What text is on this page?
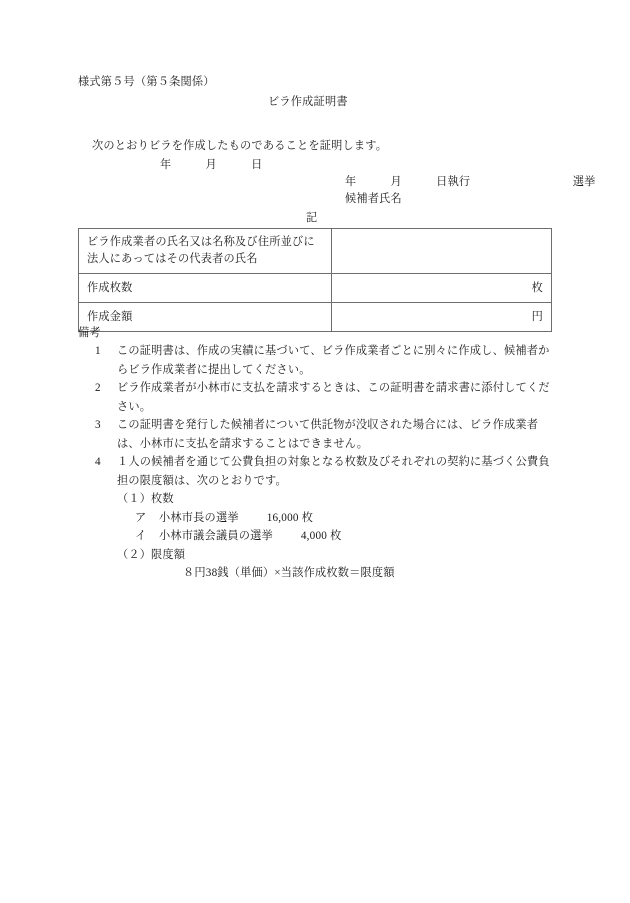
様式第５号（第５条関係）
ビラ作成証明書
次のとおりビラを作成したものであることを証明します。
年　　　月　　　日
年　　　月　　　日執行　　　　　　　　　選挙
候補者氏名
記
ビラ作成業者の氏名又は名称及び住所並びに法人にあってはその代表者の氏名	
作成枚数	枚
作成金額	円
備考
1	この証明書は、作成の実績に基づいて、ビラ作成業者ごとに別々に作成し、候補者からビラ作成業者に提出してください。
2	ビラ作成業者が小林市に支払を請求するときは、この証明書を請求書に添付してください。
3	この証明書を発行した候補者について供託物が没収された場合には、ビラ作成業者は、小林市に支払を請求することはできません。
4	１人の候補者を通じて公費負担の対象となる枚数及びそれぞれの契約に基づく公費負担の限度額は、次のとおりです。
（１） 枚数
ア	小林市長の選挙	16,000 枚
イ	小林市議会議員の選挙	4,000 枚
（２） 限度額
８円38銭（単価）×当該作成枚数＝限度額
